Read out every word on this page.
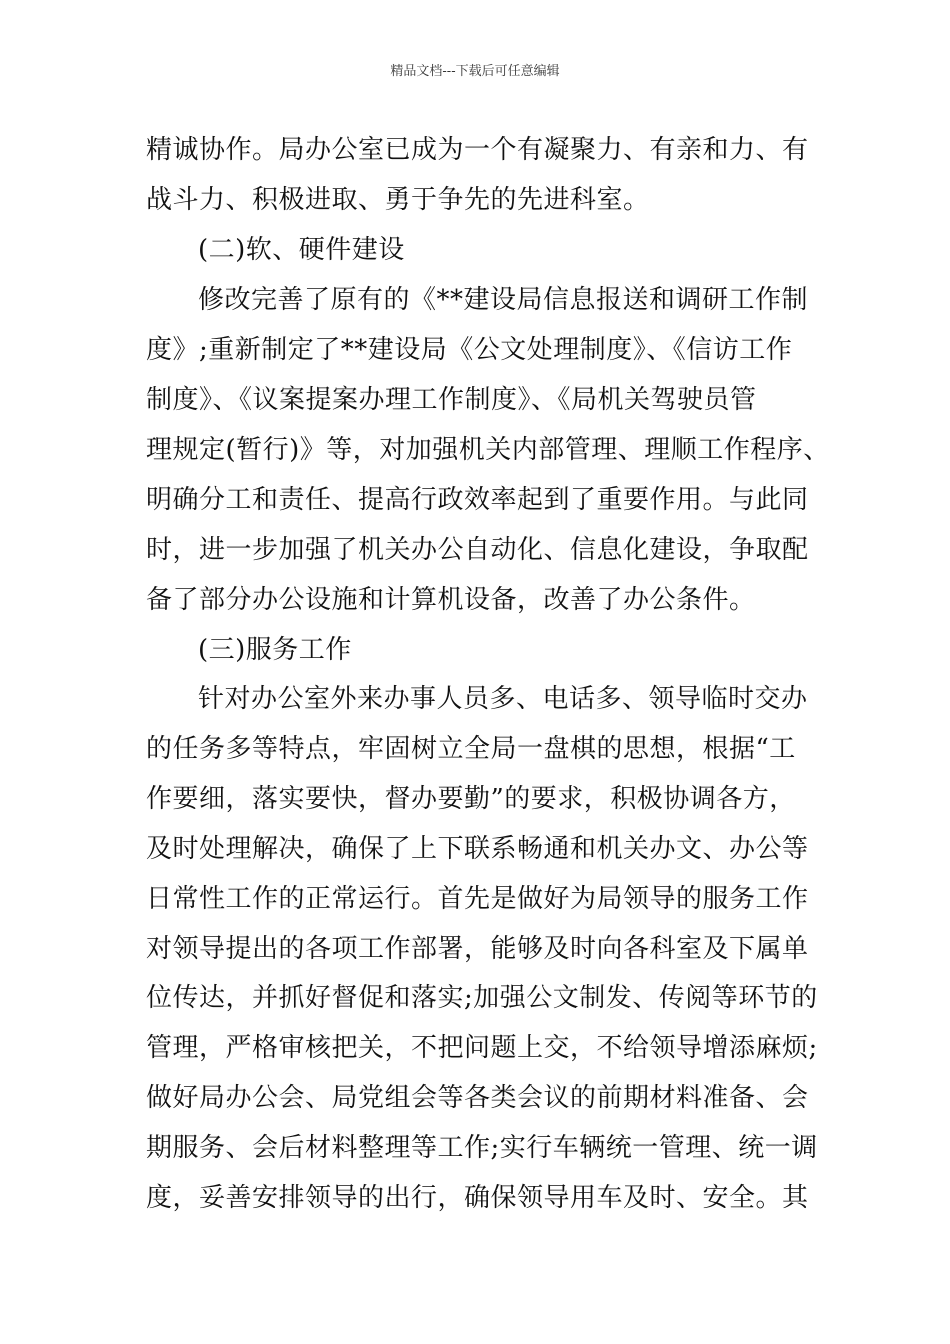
精品文档---下载后可任意编辑
精诚协作。局办公室已成为一个有凝聚力、有亲和力、有
战斗力、积极进取、勇于争先的先进科室。
(二)软、硬件建设
修改完善了原有的《**建设局信息报送和调研工作制
度》;重新制定了**建设局《公文处理制度》、《信访工作
制度》、《议案提案办理工作制度》、《局机关驾驶员管
理规定(暂行)》等，对加强机关内部管理、理顺工作程序、
明确分工和责任、提高行政效率起到了重要作用。与此同
时，进一步加强了机关办公自动化、信息化建设，争取配
备了部分办公设施和计算机设备，改善了办公条件。
(三)服务工作
针对办公室外来办事人员多、电话多、领导临时交办
的任务多等特点，牢固树立全局一盘棋的思想，根据“工
作要细，落实要快，督办要勤”的要求，积极协调各方，
及时处理解决，确保了上下联系畅通和机关办文、办公等
日常性工作的正常运行。首先是做好为局领导的服务工作
对领导提出的各项工作部署，能够及时向各科室及下属单
位传达，并抓好督促和落实;加强公文制发、传阅等环节的
管理，严格审核把关，不把问题上交，不给领导增添麻烦;
做好局办公会、局党组会等各类会议的前期材料准备、会
期服务、会后材料整理等工作;实行车辆统一管理、统一调
度，妥善安排领导的出行，确保领导用车及时、安全。其
